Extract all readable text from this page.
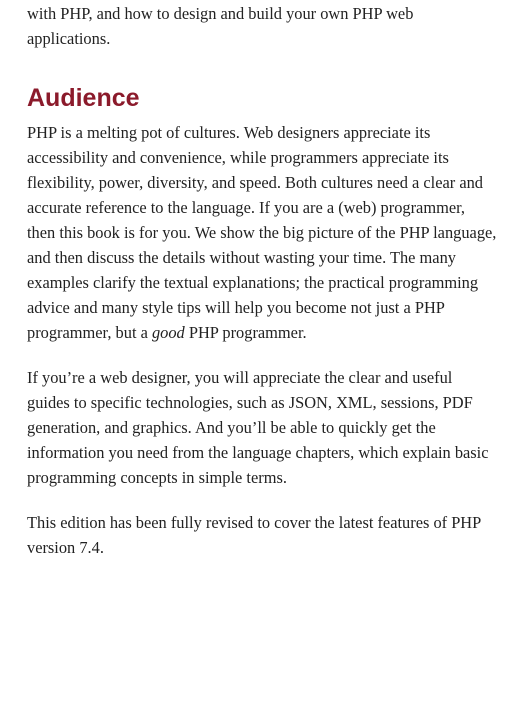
with PHP, and how to design and build your own PHP web applications.

Audience

PHP is a melting pot of cultures. Web designers appreciate its accessibility and convenience, while programmers appreciate its flexibility, power, diversity, and speed. Both cultures need a clear and accurate reference to the language. If you are a (web) programmer, then this book is for you. We show the big picture of the PHP language, and then discuss the details without wasting your time. The many examples clarify the textual explanations; the practical programming advice and many style tips will help you become not just a PHP programmer, but a good PHP programmer.

If you’re a web designer, you will appreciate the clear and useful guides to specific technologies, such as JSON, XML, sessions, PDF generation, and graphics. And you’ll be able to quickly get the information you need from the language chapters, which explain basic programming concepts in simple terms.

This edition has been fully revised to cover the latest features of PHP version 7.4.
